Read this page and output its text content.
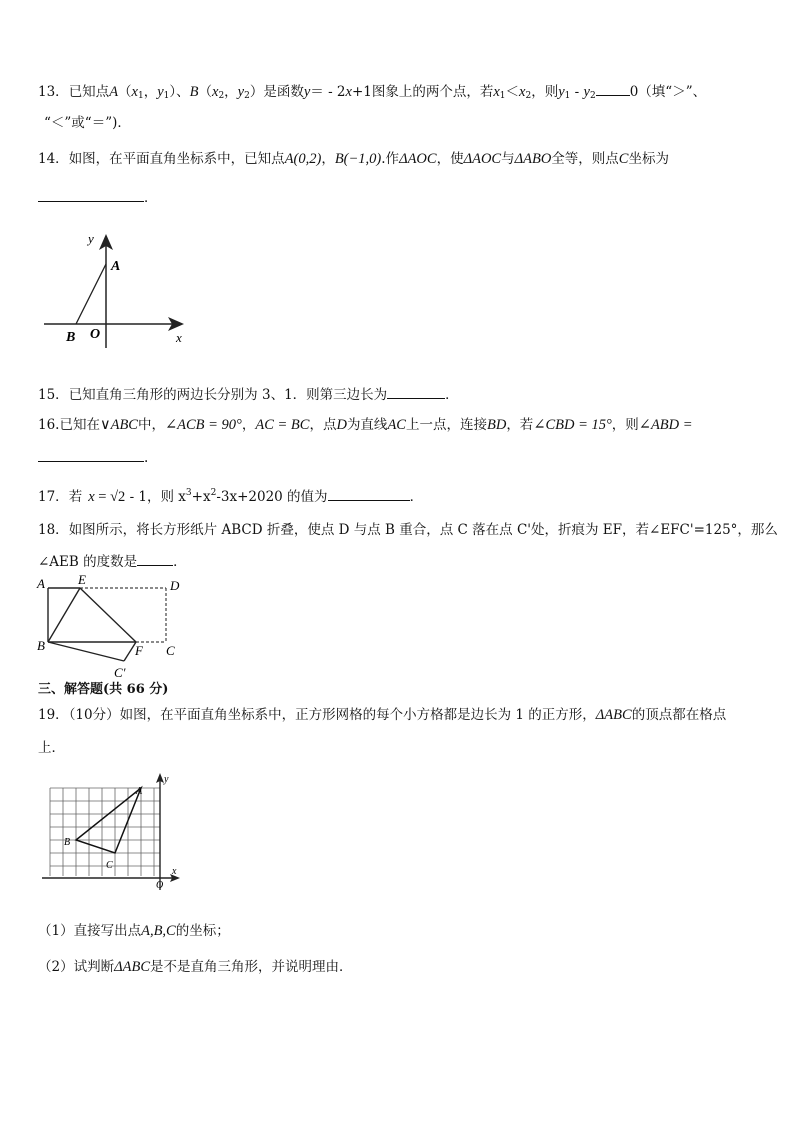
13．已知点$A(x_1$，$y_1$）、$B(x_2$，$y_2$）是函数y＝ - 2x+1图象上的两个点，若$x_1<x_2$，则$y_1 - y_2$	0（填“＞”、
“＜”或“＝”)．
14．如图，在平面直角坐标系中，已知点A(0,2)，B(−1,0).作ΔAOC，使ΔAOC与ΔABO全等，则点C坐标为
．
y
x
A
B O
15．已知直角三角形的两边长分别为 3、1．则第三边长为	．
16.已知在∨ABC中，∠ACB = 90°，AC = BC，点D为直线AC上一点，连接BD，若∠CBD = 15°，则∠ABD =
.
17．若 x = √2 - 1，则 $x^3+x^2-3x+2020$ 的值为	．
18．如图所示，将长方形纸片 ABCD 折叠，使点 D 与点 B 重合，点 C 落在点 C'处，折痕为 EF，若∠EFC'=125°，那么
∠AEB 的度数是	．
A	E	D
B	F C
C′
三、解答题(共 66 分)
19．（10分）如图，在平面直角坐标系中，正方形网格的每个小方格都是边长为 1 的正方形，ΔABC的顶点都在格点
上．
y
x
O
A
B
C
（1）直接写出点A,B,C的坐标；
（2）试判断ΔABC是不是直角三角形，并说明理由．
